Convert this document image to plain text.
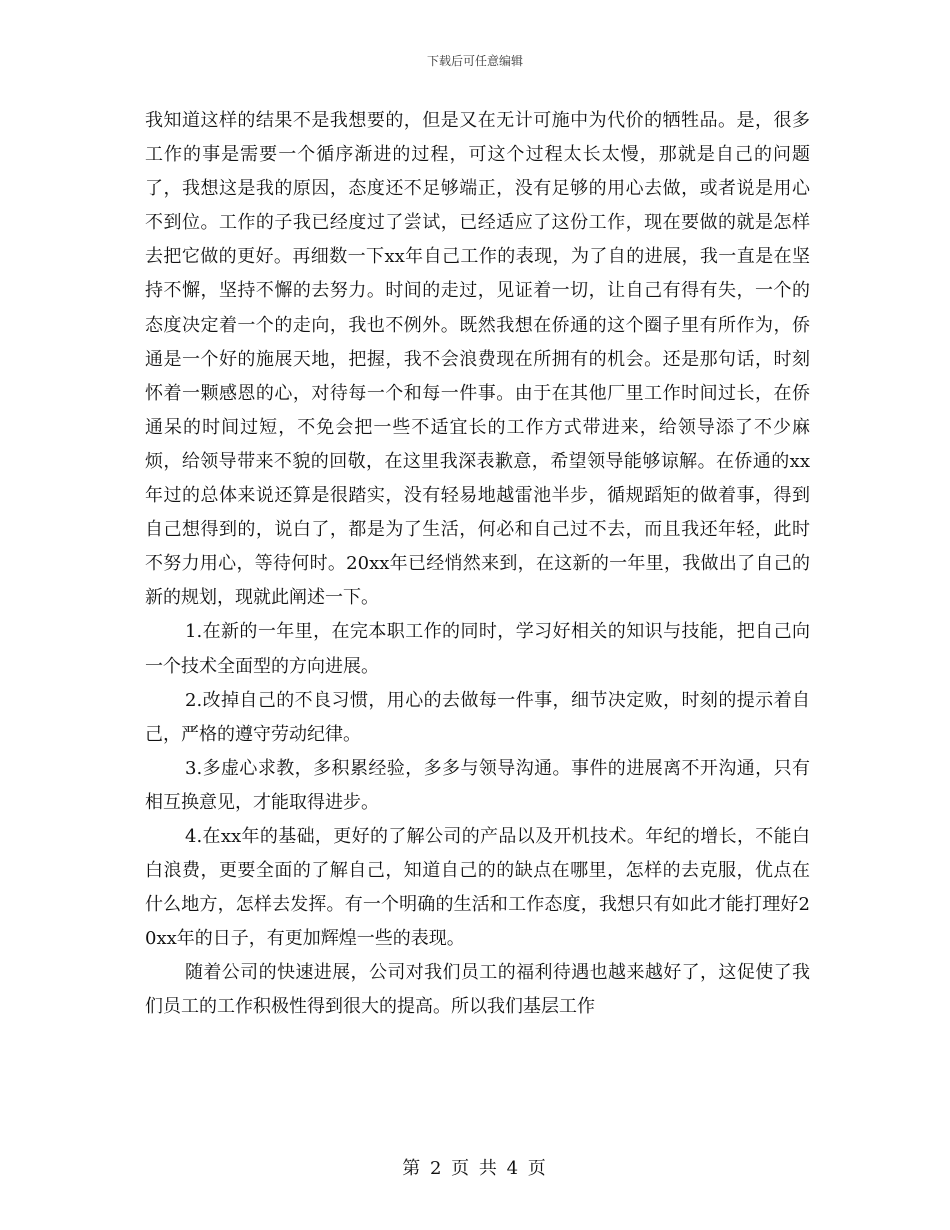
下载后可任意编辑

我知道这样的结果不是我想要的，但是又在无计可施中为代价的牺牲品。是，很多工作的事是需要一个循序渐进的过程，可这个过程太长太慢，那就是自己的问题了，我想这是我的原因，态度还不足够端正，没有足够的用心去做，或者说是用心不到位。工作的子我已经度过了尝试，已经适应了这份工作，现在要做的就是怎样去把它做的更好。再细数一下xx年自己工作的表现，为了自的进展，我一直是在坚持不懈，坚持不懈的去努力。时间的走过，见证着一切，让自己有得有失，一个的态度决定着一个的走向，我也不例外。既然我想在侨通的这个圈子里有所作为，侨通是一个好的施展天地，把握，我不会浪费现在所拥有的机会。还是那句话，时刻怀着一颗感恩的心，对待每一个和每一件事。由于在其他厂里工作时间过长，在侨通呆的时间过短，不免会把一些不适宜长的工作方式带进来，给领导添了不少麻烦，给领导带来不貌的回敬，在这里我深表歉意，希望领导能够谅解。在侨通的xx年过的总体来说还算是很踏实，没有轻易地越雷池半步，循规蹈矩的做着事，得到自己想得到的，说白了，都是为了生活，何必和自己过不去，而且我还年轻，此时不努力用心，等待何时。20xx年已经悄然来到，在这新的一年里，我做出了自己的新的规划，现就此阐述一下。

1.在新的一年里，在完本职工作的同时，学习好相关的知识与技能，把自己向一个技术全面型的方向进展。

2.改掉自己的不良习惯，用心的去做每一件事，细节决定败，时刻的提示着自己，严格的遵守劳动纪律。

3.多虚心求教，多积累经验，多多与领导沟通。事件的进展离不开沟通，只有相互换意见，才能取得进步。

4.在xx年的基础，更好的了解公司的产品以及开机技术。年纪的增长，不能白白浪费，更要全面的了解自己，知道自己的的缺点在哪里，怎样的去克服，优点在什么地方，怎样去发挥。有一个明确的生活和工作态度，我想只有如此才能打理好20xx年的日子，有更加辉煌一些的表现。

随着公司的快速进展，公司对我们员工的福利待遇也越来越好了，这促使了我们员工的工作积极性得到很大的提高。所以我们基层工作

第 2 页 共 4 页
